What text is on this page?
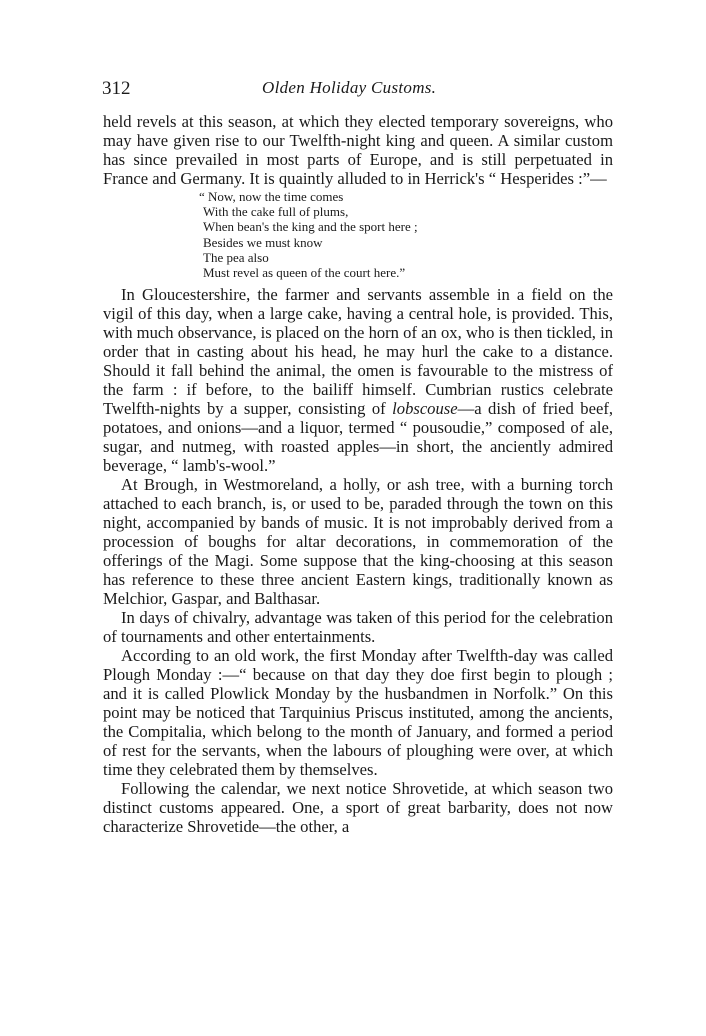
312	Olden Holiday Customs.

held revels at this season, at which they elected temporary sovereigns, who may have given rise to our Twelfth-night king and queen. A similar custom has since prevailed in most parts of Europe, and is still perpetuated in France and Germany. It is quaintly alluded to in Herrick's “ Hesperides :”—

“ Now, now the time comes
With the cake full of plums,
When bean's the king and the sport here ;
Besides we must know
The pea also
Must revel as queen of the court here.”

In Gloucestershire, the farmer and servants assemble in a field on the vigil of this day, when a large cake, having a central hole, is provided. This, with much observance, is placed on the horn of an ox, who is then tickled, in order that in casting about his head, he may hurl the cake to a distance. Should it fall behind the animal, the omen is favourable to the mistress of the farm : if before, to the bailiff himself. Cumbrian rustics celebrate Twelfth-nights by a supper, consisting of lobscouse—a dish of fried beef, potatoes, and onions—and a liquor, termed “ pousoudie,” composed of ale, sugar, and nutmeg, with roasted apples—in short, the anciently admired beverage, “ lamb's-wool.”

At Brough, in Westmoreland, a holly, or ash tree, with a burning torch attached to each branch, is, or used to be, paraded through the town on this night, accompanied by bands of music. It is not improbably derived from a procession of boughs for altar decorations, in commemoration of the offerings of the Magi. Some suppose that the king-choosing at this season has reference to these three ancient Eastern kings, traditionally known as Melchior, Gaspar, and Balthasar.

In days of chivalry, advantage was taken of this period for the celebration of tournaments and other entertainments.

According to an old work, the first Monday after Twelfth-day was called Plough Monday :—“ because on that day they doe first begin to plough ; and it is called Plowlick Monday by the husbandmen in Norfolk.” On this point may be noticed that Tarquinius Priscus instituted, among the ancients, the Compitalia, which belong to the month of January, and formed a period of rest for the servants, when the labours of ploughing were over, at which time they celebrated them by themselves.

Following the calendar, we next notice Shrovetide, at which season two distinct customs appeared. One, a sport of great barbarity, does not now characterize Shrovetide—the other, a
